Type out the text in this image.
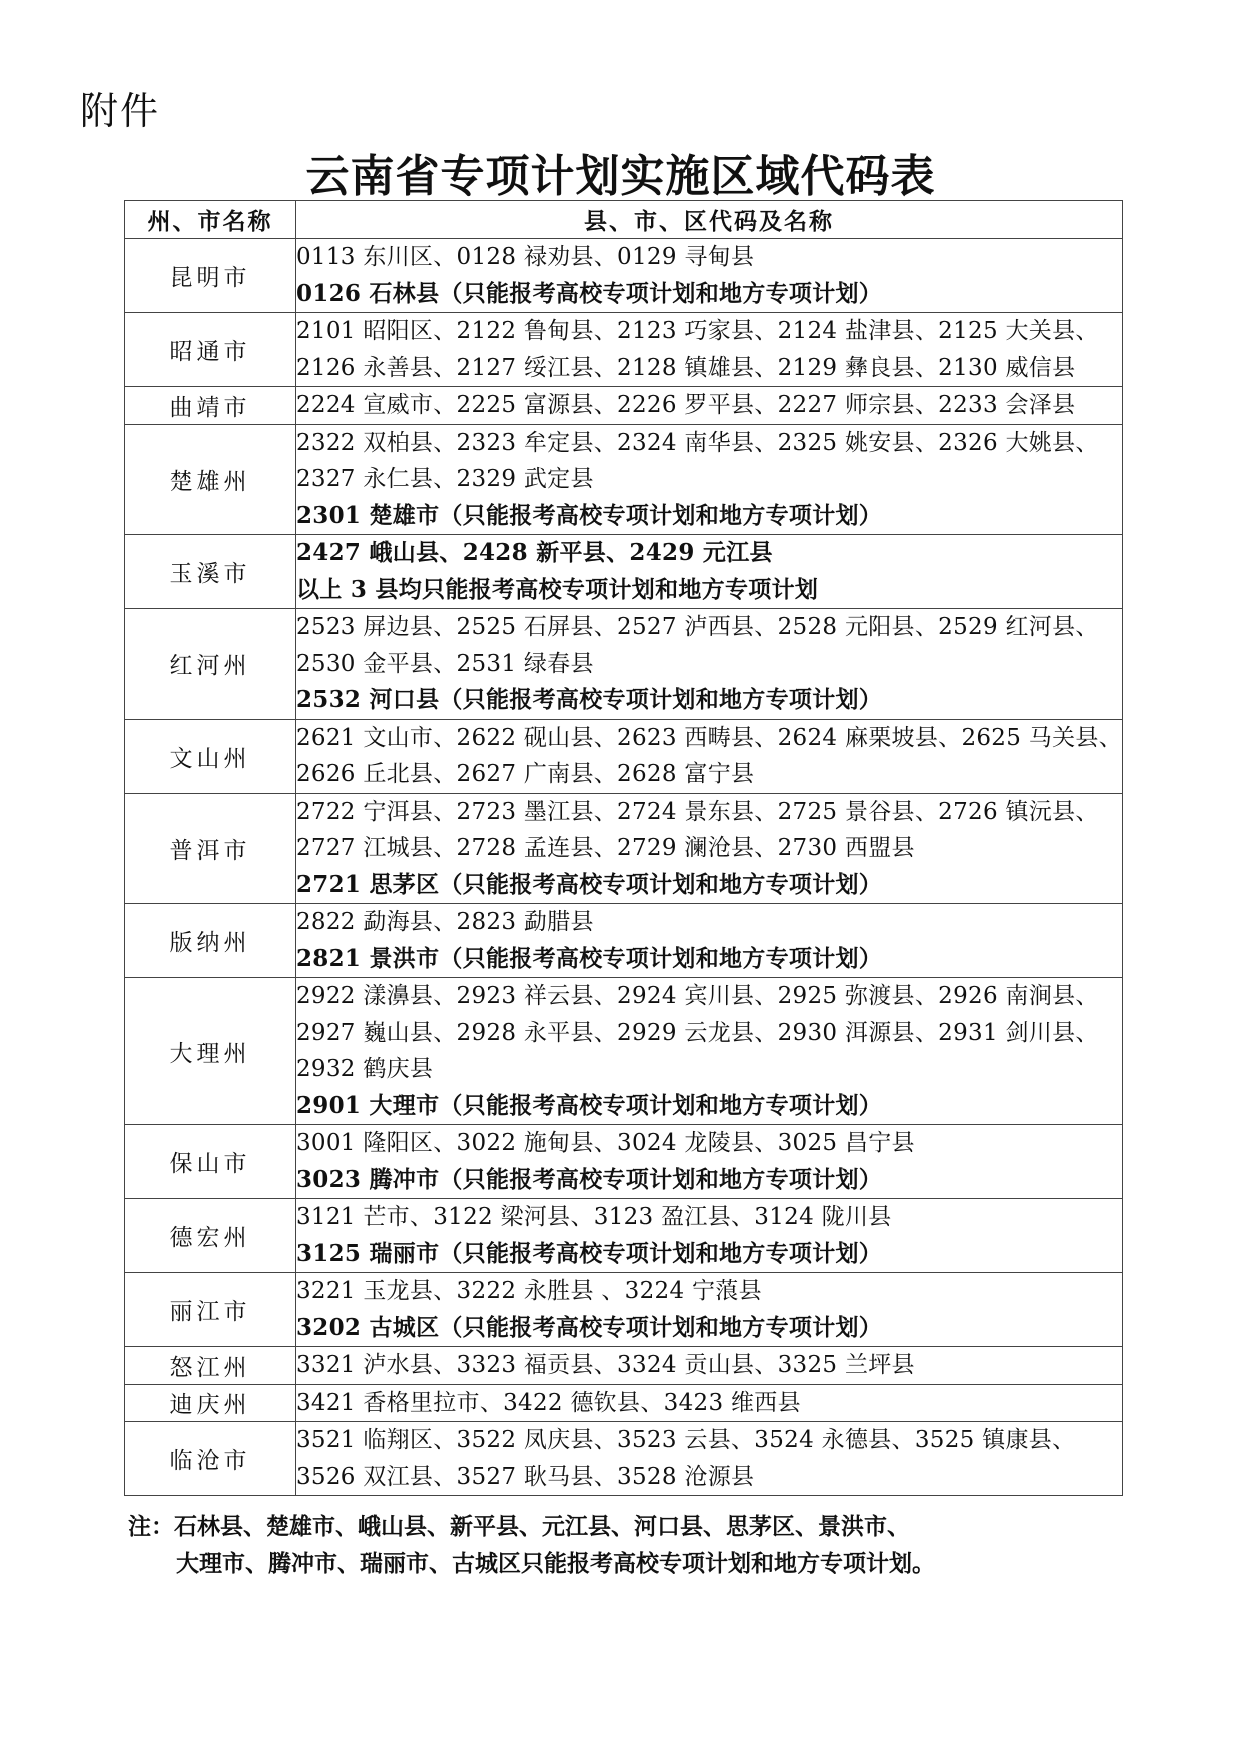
附件
云南省专项计划实施区域代码表
州、市名称	县、市、区代码及名称
昆明市	0113 东川区、0128 禄劝县、0129 寻甸县
0126 石林县（只能报考高校专项计划和地方专项计划）

昭通市	2101 昭阳区、2122 鲁甸县、2123 巧家县、2124 盐津县、2125 大关县、
2126 永善县、2127 绥江县、2128 镇雄县、2129 彝良县、2130 威信县

曲靖市	2224 宣威市、2225 富源县、2226 罗平县、2227 师宗县、2233 会泽县

楚雄州	2322 双柏县、2323 牟定县、2324 南华县、2325 姚安县、2326 大姚县、
2327 永仁县、2329 武定县
2301 楚雄市（只能报考高校专项计划和地方专项计划）

玉溪市	2427 峨山县、2428 新平县、2429 元江县
以上 3 县均只能报考高校专项计划和地方专项计划

红河州	2523 屏边县、2525 石屏县、2527 泸西县、2528 元阳县、2529 红河县、
2530 金平县、2531 绿春县
2532 河口县（只能报考高校专项计划和地方专项计划）

文山州	2621 文山市、2622 砚山县、2623 西畴县、2624 麻栗坡县、2625 马关县、
2626 丘北县、2627 广南县、2628 富宁县

普洱市	2722 宁洱县、2723 墨江县、2724 景东县、2725 景谷县、2726 镇沅县、
2727 江城县、2728 孟连县、2729 澜沧县、2730 西盟县
2721 思茅区（只能报考高校专项计划和地方专项计划）

版纳州	2822 勐海县、2823 勐腊县
2821 景洪市（只能报考高校专项计划和地方专项计划）

大理州	2922 漾濞县、2923 祥云县、2924 宾川县、2925 弥渡县、2926 南涧县、
2927 巍山县、2928 永平县、2929 云龙县、2930 洱源县、2931 剑川县、
2932 鹤庆县
2901 大理市（只能报考高校专项计划和地方专项计划）

保山市	3001 隆阳区、3022 施甸县、3024 龙陵县、3025 昌宁县
3023 腾冲市（只能报考高校专项计划和地方专项计划）

德宏州	3121 芒市、3122 梁河县、3123 盈江县、3124 陇川县
3125 瑞丽市（只能报考高校专项计划和地方专项计划）

丽江市	3221 玉龙县、3222 永胜县 、3224 宁蒗县
3202 古城区（只能报考高校专项计划和地方专项计划）

怒江州	3321 泸水县、3323 福贡县、3324 贡山县、3325 兰坪县

迪庆州	3421 香格里拉市、3422 德钦县、3423 维西县

临沧市	3521 临翔区、3522 凤庆县、3523 云县、3524 永德县、3525 镇康县、
3526 双江县、3527 耿马县、3528 沧源县
注：石林县、楚雄市、峨山县、新平县、元江县、河口县、思茅区、景洪市、
大理市、腾冲市、瑞丽市、古城区只能报考高校专项计划和地方专项计划。
